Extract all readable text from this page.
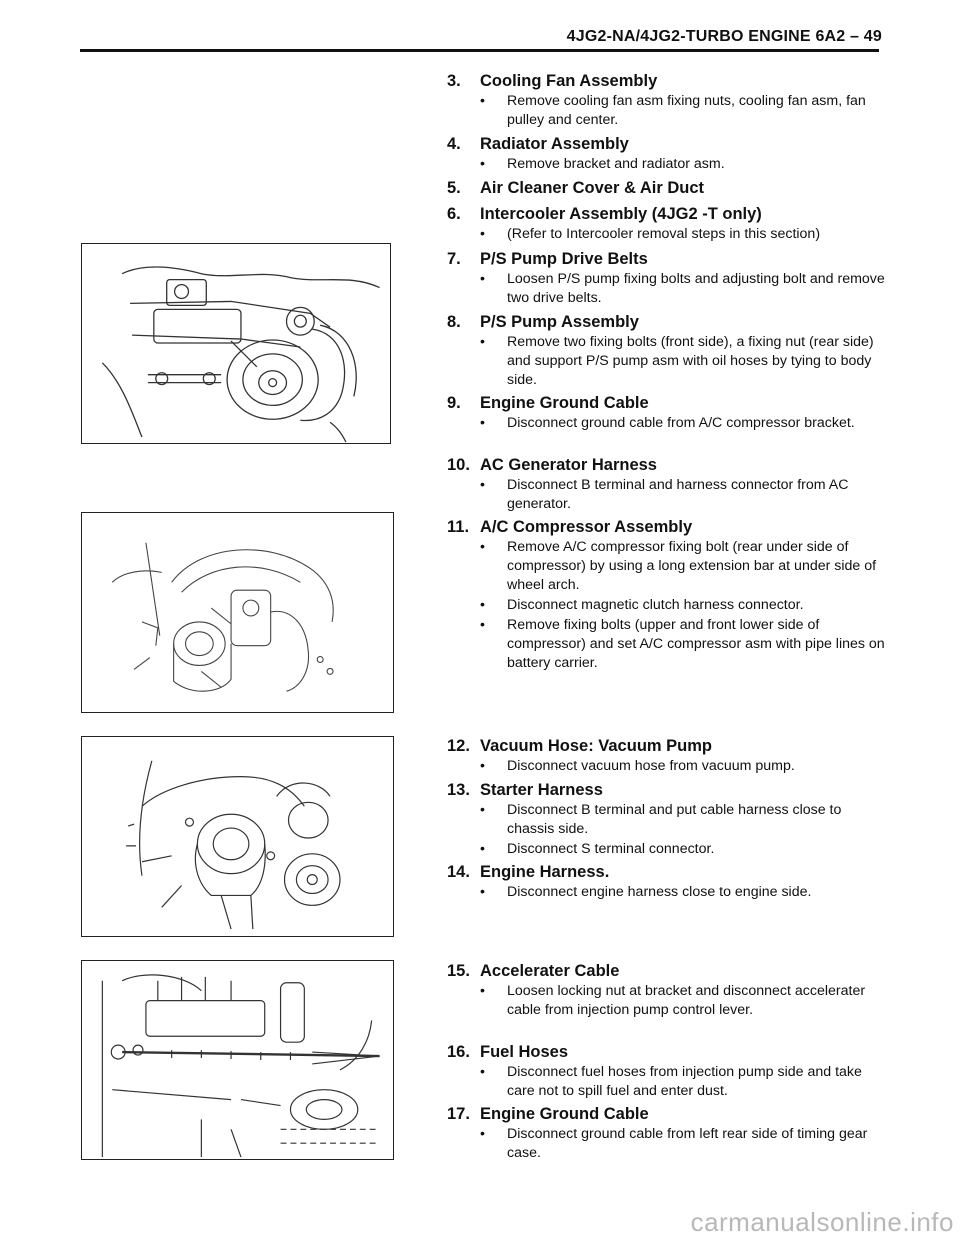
4JG2-NA/4JG2-TURBO ENGINE 6A2 – 49
3. Cooling Fan Assembly
• Remove cooling fan asm fixing nuts, cooling fan asm, fan pulley and center.
4. Radiator Assembly
• Remove bracket and radiator asm.
5. Air Cleaner Cover & Air Duct
6. Intercooler Assembly (4JG2 -T only)
• (Refer to Intercooler removal steps in this section)
7. P/S Pump Drive Belts
• Loosen P/S pump fixing bolts and adjusting bolt and remove two drive belts.
8. P/S Pump Assembly
• Remove two fixing bolts (front side), a fixing nut (rear side) and support P/S pump asm with oil hoses by tying to body side.
9. Engine Ground Cable
• Disconnect ground cable from A/C compressor bracket.
10. AC Generator Harness
• Disconnect B terminal and harness connector from AC generator.
11. A/C Compressor Assembly
• Remove A/C compressor fixing bolt (rear under side of compressor) by using a long extension bar at under side of wheel arch.
• Disconnect magnetic clutch harness connector.
• Remove fixing bolts (upper and front lower side of compressor) and set A/C compressor asm with pipe lines on battery carrier.
12. Vacuum Hose: Vacuum Pump
• Disconnect vacuum hose from vacuum pump.
13. Starter Harness
• Disconnect B terminal and put cable harness close to chassis side.
• Disconnect S terminal connector.
14. Engine Harness.
• Disconnect engine harness close to engine side.
15. Accelerater Cable
• Loosen locking nut at bracket and disconnect accelerater cable from injection pump control lever.
16. Fuel Hoses
• Disconnect fuel hoses from injection pump side and take care not to spill fuel and enter dust.
17. Engine Ground Cable
• Disconnect ground cable from left rear side of timing gear case.
carmanualsonline.info
